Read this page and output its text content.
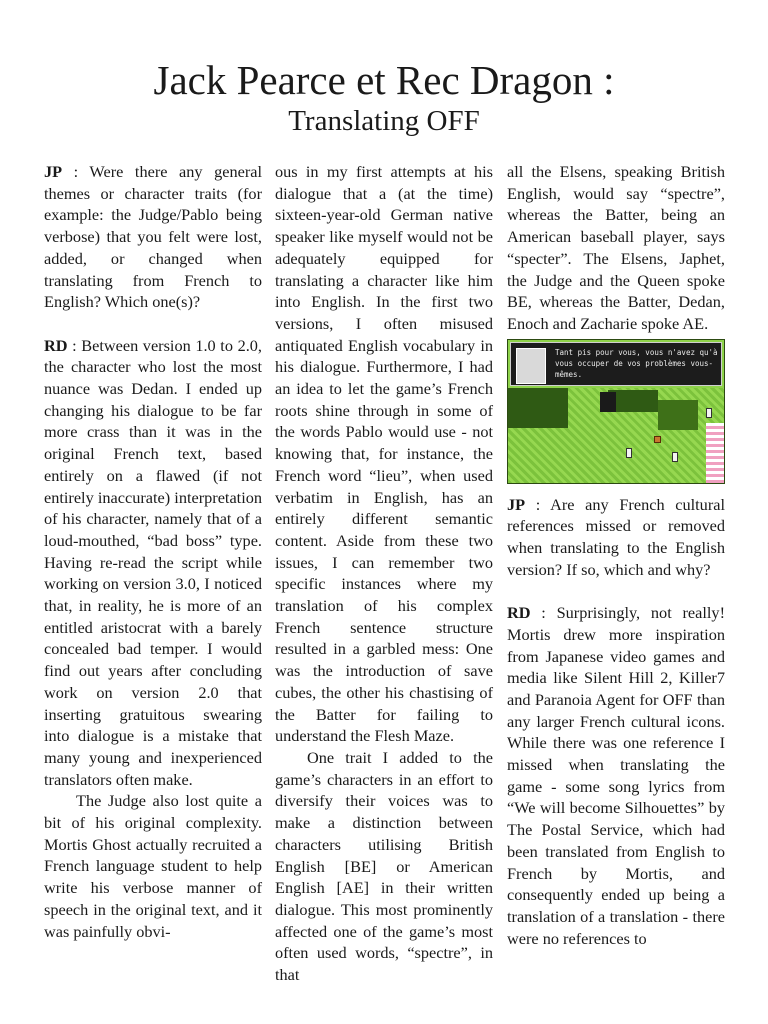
Jack Pearce et Rec Dragon :
Translating OFF

JP : Were there any general themes or character traits (for example: the Judge/Pablo being verbose) that you felt were lost, added, or changed when translating from French to English? Which one(s)?

RD : Between version 1.0 to 2.0, the character who lost the most nuance was Dedan. I ended up changing his dialogue to be far more crass than it was in the original French text, based entirely on a flawed (if not entirely inaccurate) interpretation of his character, namely that of a loud-mouthed, “bad boss” type. Having re-read the script while working on version 3.0, I noticed that, in reality, he is more of an entitled aristocrat with a barely concealed bad temper. I would find out years after concluding work on version 2.0 that inserting gratuitous swearing into dialogue is a mistake that many young and inexperienced translators often make.

The Judge also lost quite a bit of his original complexity. Mortis Ghost actually recruited a French language student to help write his verbose manner of speech in the original text, and it was painfully obvi-

ous in my first attempts at his dialogue that a (at the time) sixteen-year-old German native speaker like myself would not be adequately equipped for translating a character like him into English. In the first two versions, I often misused antiquated English vocabulary in his dialogue. Furthermore, I had an idea to let the game’s French roots shine through in some of the words Pablo would use - not knowing that, for instance, the French word “lieu”, when used verbatim in English, has an entirely different semantic content. Aside from these two issues, I can remember two specific instances where my translation of his complex French sentence structure resulted in a garbled mess: One was the introduction of save cubes, the other his chastising of the Batter for failing to understand the Flesh Maze.

One trait I added to the game’s characters in an effort to diversify their voices was to make a distinction between characters utilising British English [BE] or American English [AE] in their written dialogue. This most prominently affected one of the game’s most often used words, “spectre”, in that

all the Elsens, speaking British English, would say “spectre”, whereas the Batter, being an American baseball player, says “specter”. The Elsens, Japhet, the Judge and the Queen spoke BE, whereas the Batter, Dedan, Enoch and Zacharie spoke AE.

Tant pis pour vous, vous n'avez qu'à vous occuper de vos problèmes vous-mêmes.

JP : Are any French cultural references missed or removed when translating to the English version? If so, which and why?

RD : Surprisingly, not really! Mortis drew more inspiration from Japanese video games and media like Silent Hill 2, Killer7 and Paranoia Agent for OFF than any larger French cultural icons. While there was one reference I missed when translating the game - some song lyrics from “We will become Silhouettes” by The Postal Service, which had been translated from English to French by Mortis, and consequently ended up being a translation of a translation - there were no references to
